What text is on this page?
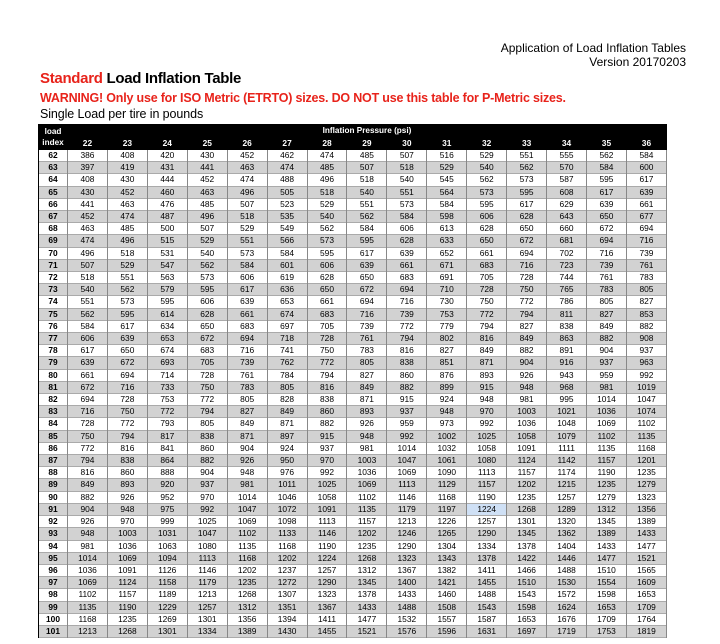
Application of Load Inflation Tables
Version 20170203
Standard Load Inflation Table
WARNING! Only use for ISO Metric (ETRTO) sizes. DO NOT use this table for P-Metric sizes.
Single Load per tire in pounds
load index	Inflation Pressure (psi)														
	22	23	24	25	26	27	28	29	30	31	32	33	34	35	36
62	386	408	420	430	452	462	474	485	507	516	529	551	555	562	584
63	397	419	431	441	463	474	485	507	518	529	540	562	570	584	600
64	408	430	444	452	474	488	496	518	540	545	562	573	587	595	617
65	430	452	460	463	496	505	518	540	551	564	573	595	608	617	639
66	441	463	476	485	507	523	529	551	573	584	595	617	629	639	661
67	452	474	487	496	518	535	540	562	584	598	606	628	643	650	677
68	463	485	500	507	529	549	562	584	606	613	628	650	660	672	694
69	474	496	515	529	551	566	573	595	628	633	650	672	681	694	716
70	496	518	531	540	573	584	595	617	639	652	661	694	702	716	739
71	507	529	547	562	584	601	606	639	661	671	683	716	723	739	761
72	518	551	563	573	606	619	628	650	683	691	705	728	744	761	783
73	540	562	579	595	617	636	650	672	694	710	728	750	765	783	805
74	551	573	595	606	639	653	661	694	716	730	750	772	786	805	827
75	562	595	614	628	661	674	683	716	739	753	772	794	811	827	853
76	584	617	634	650	683	697	705	739	772	779	794	827	838	849	882
77	606	639	653	672	694	718	728	761	794	802	816	849	863	882	908
78	617	650	674	683	716	741	750	783	816	827	849	882	891	904	937
79	639	672	693	705	739	762	772	805	838	851	871	904	916	937	963
80	661	694	714	728	761	784	794	827	860	876	893	926	943	959	992
81	672	716	733	750	783	805	816	849	882	899	915	948	968	981	1019
82	694	728	753	772	805	828	838	871	915	924	948	981	995	1014	1047
83	716	750	772	794	827	849	860	893	937	948	970	1003	1021	1036	1074
84	728	772	793	805	849	871	882	926	959	973	992	1036	1048	1069	1102
85	750	794	817	838	871	897	915	948	992	1002	1025	1058	1079	1102	1135
86	772	816	841	860	904	924	937	981	1014	1032	1058	1091	1111	1135	1168
87	794	838	864	882	926	950	970	1003	1047	1061	1080	1124	1142	1157	1201
88	816	860	888	904	948	976	992	1036	1069	1090	1113	1157	1174	1190	1235
89	849	893	920	937	981	1011	1025	1069	1113	1129	1157	1202	1215	1235	1279
90	882	926	952	970	1014	1046	1058	1102	1146	1168	1190	1235	1257	1279	1323
91	904	948	975	992	1047	1072	1091	1135	1179	1197	1224	1268	1289	1312	1356
92	926	970	999	1025	1069	1098	1113	1157	1213	1226	1257	1301	1320	1345	1389
93	948	1003	1031	1047	1102	1133	1146	1202	1246	1265	1290	1345	1362	1389	1433
94	981	1036	1063	1080	1135	1168	1190	1235	1290	1304	1334	1378	1404	1433	1477
95	1014	1069	1094	1113	1168	1202	1224	1268	1323	1343	1378	1422	1446	1477	1521
96	1036	1091	1126	1146	1202	1237	1257	1312	1367	1382	1411	1466	1488	1510	1565
97	1069	1124	1158	1179	1235	1272	1290	1345	1400	1421	1455	1510	1530	1554	1609
98	1102	1157	1189	1213	1268	1307	1323	1378	1433	1460	1488	1543	1572	1598	1653
99	1135	1190	1229	1257	1312	1351	1367	1433	1488	1508	1543	1598	1624	1653	1709
100	1168	1235	1269	1301	1356	1394	1411	1477	1532	1557	1587	1653	1676	1709	1764
101	1213	1268	1301	1334	1389	1430	1455	1521	1576	1596	1631	1697	1719	1753	1819
